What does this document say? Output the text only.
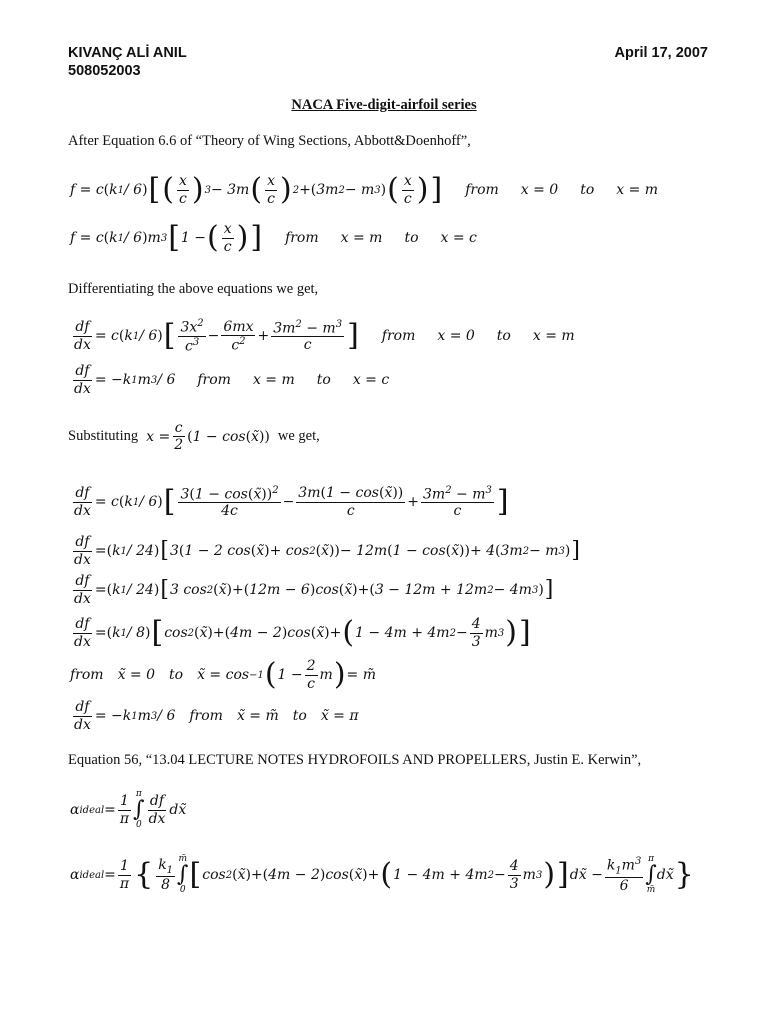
KIVANÇ ALİ ANIL
508052003
April 17, 2007
NACA Five-digit-airfoil series
After Equation 6.6 of “Theory of Wing Sections, Abbott&Doenhoff”,
f = c ( k 1 / 6 ) [ ( $\frac{x}{c}$ ) 3 − 3m ( $\frac{x}{c}$ ) 2 + ( 3m 2 − m 3 ) ( $\frac{x}{c}$ ) ] from x = 0 to x = m
f = c ( k 1 / 6 ) m 3 [ 1 − ( $\frac{x}{c}$ ) ] from x = m to x = c
Differentiating the above equations we get,
$\frac{df}{dx} = c$ ( k 1 / 6 ) [ $\frac{3x^2}{c^3} - \frac{6mx}{c^2} + \frac{3m^2 - m^3}{c}$ ] from x = 0 to x = m
$\frac{df}{dx} = -k$ 1 m 3 / 6 from x = m to x = c
Substituting $x = \frac{c}{2}$ ( 1 − cos ( x̃ )) we get,
$\frac{df}{dx} = c$ ( k 1 / 6 ) [ $\frac{3(1 - \cos(x̃))^2}{4c} - \frac{3m(1 - \cos(x̃))}{c} + \frac{3m^2 - m^3}{c}$ ]
$\frac{df}{dx}$ = ( k 1 / 24 ) [ 3 ( 1 − 2 cos ( x̃ ) + cos 2 ( x̃ )) − 12m ( 1 − cos ( x̃ )) + 4 ( 3m 2 − m 3 ) ]
$\frac{df}{dx}$ = ( k 1 / 24 ) [ 3 cos 2 ( x̃ ) + ( 12m − 6 ) cos ( x̃ ) + ( 3 − 12m + 12m 2 − 4m 3 ) ]
$\frac{df}{dx}$ = ( k 1 / 8 ) [ cos 2 ( x̃ ) + ( 4m − 2 ) cos ( x̃ ) + ( 1 − 4m + 4m $2 - \frac{4}{3}$ m 3 ) ]
from x̃ = 0 to x̃ = cos −1 ( $1 - \frac{2}{c}$ m ) = m̃
$\frac{df}{dx} = -k$ 1 m 3 / 6 from x̃ = m̃ to x̃ = π
Equation 56, “13.04 LECTURE NOTES HYDROFOILS AND PROPELLERS, Justin E. Kerwin”,
α ideal = $\frac{1}{\pi}$ π
∫
$0 \frac{df}{dx}$ dx̃
α ideal = $\frac{1}{\pi}$ { $\frac{k_1}{8}$ m̃
∫
0 [ cos 2 ( x̃ ) + ( 4m − 2 ) cos ( x̃ ) + ( 1 − 4m + 4m $2 - \frac{4}{3}$ m 3 ) ] dx̃ − $\frac{k_1m^3}{6}$ π
∫
m̃
dx̃ }
